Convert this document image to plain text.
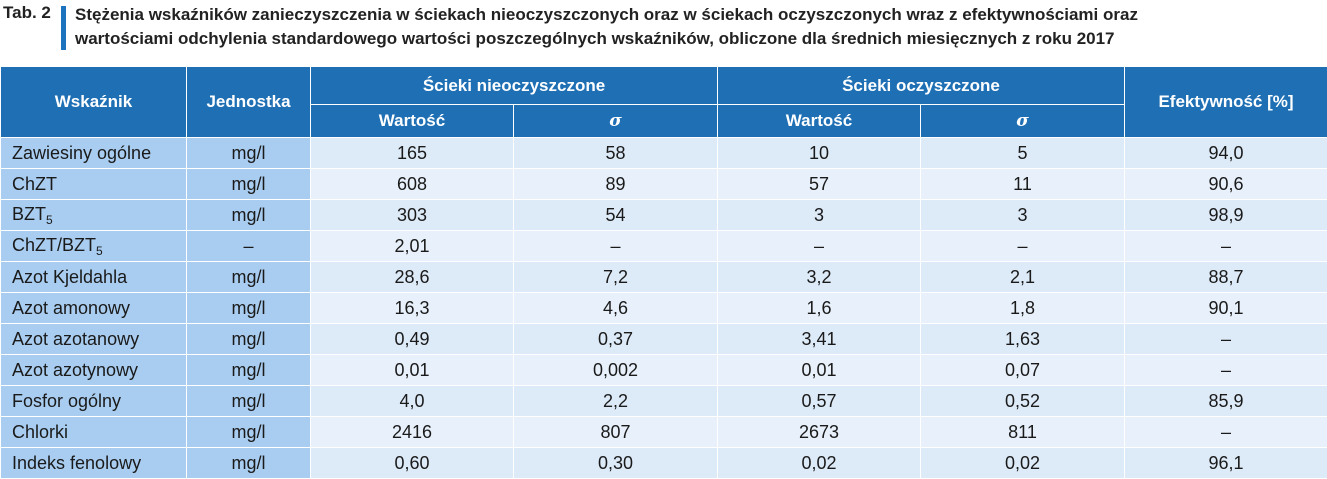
Tab. 2 Stężenia wskaźników zanieczyszczenia w ściekach nieoczyszczonych oraz w ściekach oczyszczonych wraz z efektywnościami oraz
wartościami odchylenia standardowego wartości poszczególnych wskaźników, obliczone dla średnich miesięcznych z roku 2017
Wskaźnik	Jednostka	Ścieki nieoczyszczone		Ścieki oczyszczone		Efektywność [%]
		Wartość	σ	Wartość	σ	
Zawiesiny ogólne	mg/l	165	58	10	5	94,0
ChZT	mg/l	608	89	57	11	90,6
$BZT_5$	mg/l	303	54	3	3	98,9
ChZT/$BZT_5$	–	2,01	–	–	–	–
Azot Kjeldahla	mg/l	28,6	7,2	3,2	2,1	88,7
Azot amonowy	mg/l	16,3	4,6	1,6	1,8	90,1
Azot azotanowy	mg/l	0,49	0,37	3,41	1,63	–
Azot azotynowy	mg/l	0,01	0,002	0,01	0,07	–
Fosfor ogólny	mg/l	4,0	2,2	0,57	0,52	85,9
Chlorki	mg/l	2416	807	2673	811	–
Indeks fenolowy	mg/l	0,60	0,30	0,02	0,02	96,1
